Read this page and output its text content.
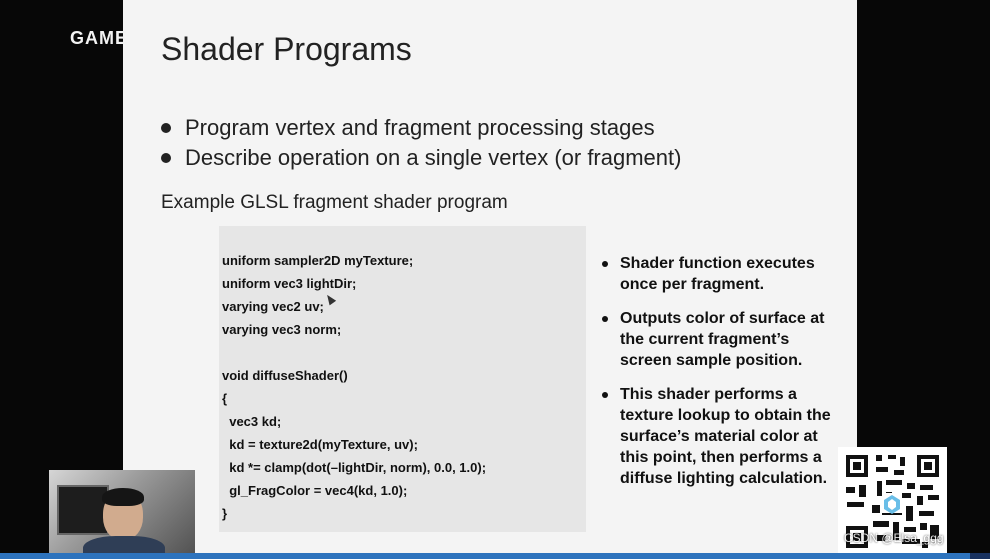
GAME Shader Programs
Program vertex and fragment processing stages
Describe operation on a single vertex (or fragment)

Example GLSL fragment shader program

uniform sampler2D myTexture;
uniform vec3 lightDir;
varying vec2 uv;
varying vec3 norm;
void diffuseShader()
{
vec3 kd;
kd = texture2d(myTexture, uv);
kd *= clamp(dot(–lightDir, norm), 0.0, 1.0);
gl_FragColor = vec4(kd, 1.0);
}
Shader function executes once per fragment.
Outputs color of surface at the current fragment’s screen sample position.
This shader performs a texture lookup to obtain the surface’s material color at this point, then performs a diffuse lighting calculation.
CSDN @Elsa_ggg
